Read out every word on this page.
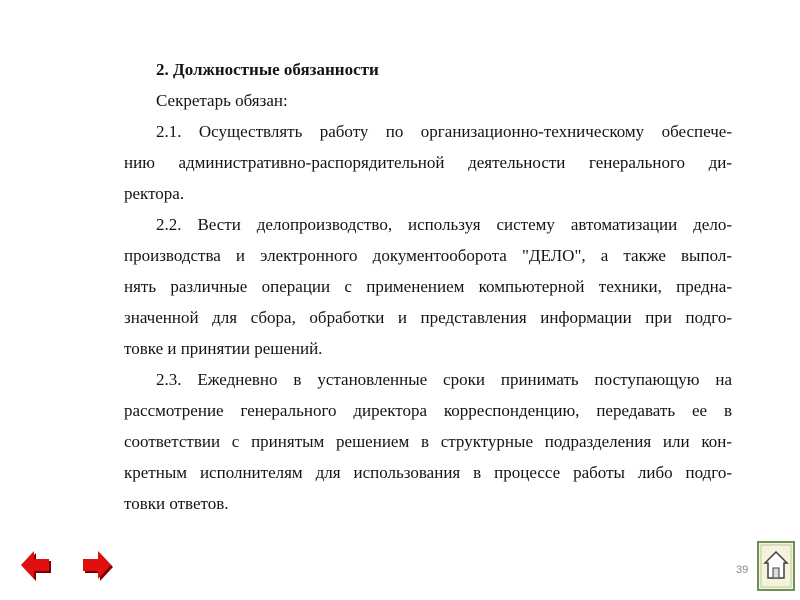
2. Должностные обязанности
Секретарь обязан:
2.1. Осуществлять работу по организационно-техническому обеспече-
нию административно-распорядительной деятельности генерального ди-
ректора.
2.2. Вести делопроизводство, используя систему автоматизации дело-
производства и электронного документооборота "ДЕЛО", а также выпол-
нять различные операции с применением компьютерной техники, предна-
значенной для сбора, обработки и представления информации при подго-
товке и принятии решений.
2.3. Ежедневно в установленные сроки принимать поступающую на
рассмотрение генерального директора корреспонденцию, передавать ее в
соответствии с принятым решением в структурные подразделения или кон-
кретным исполнителям для использования в процессе работы либо подго-
товки ответов.
39
